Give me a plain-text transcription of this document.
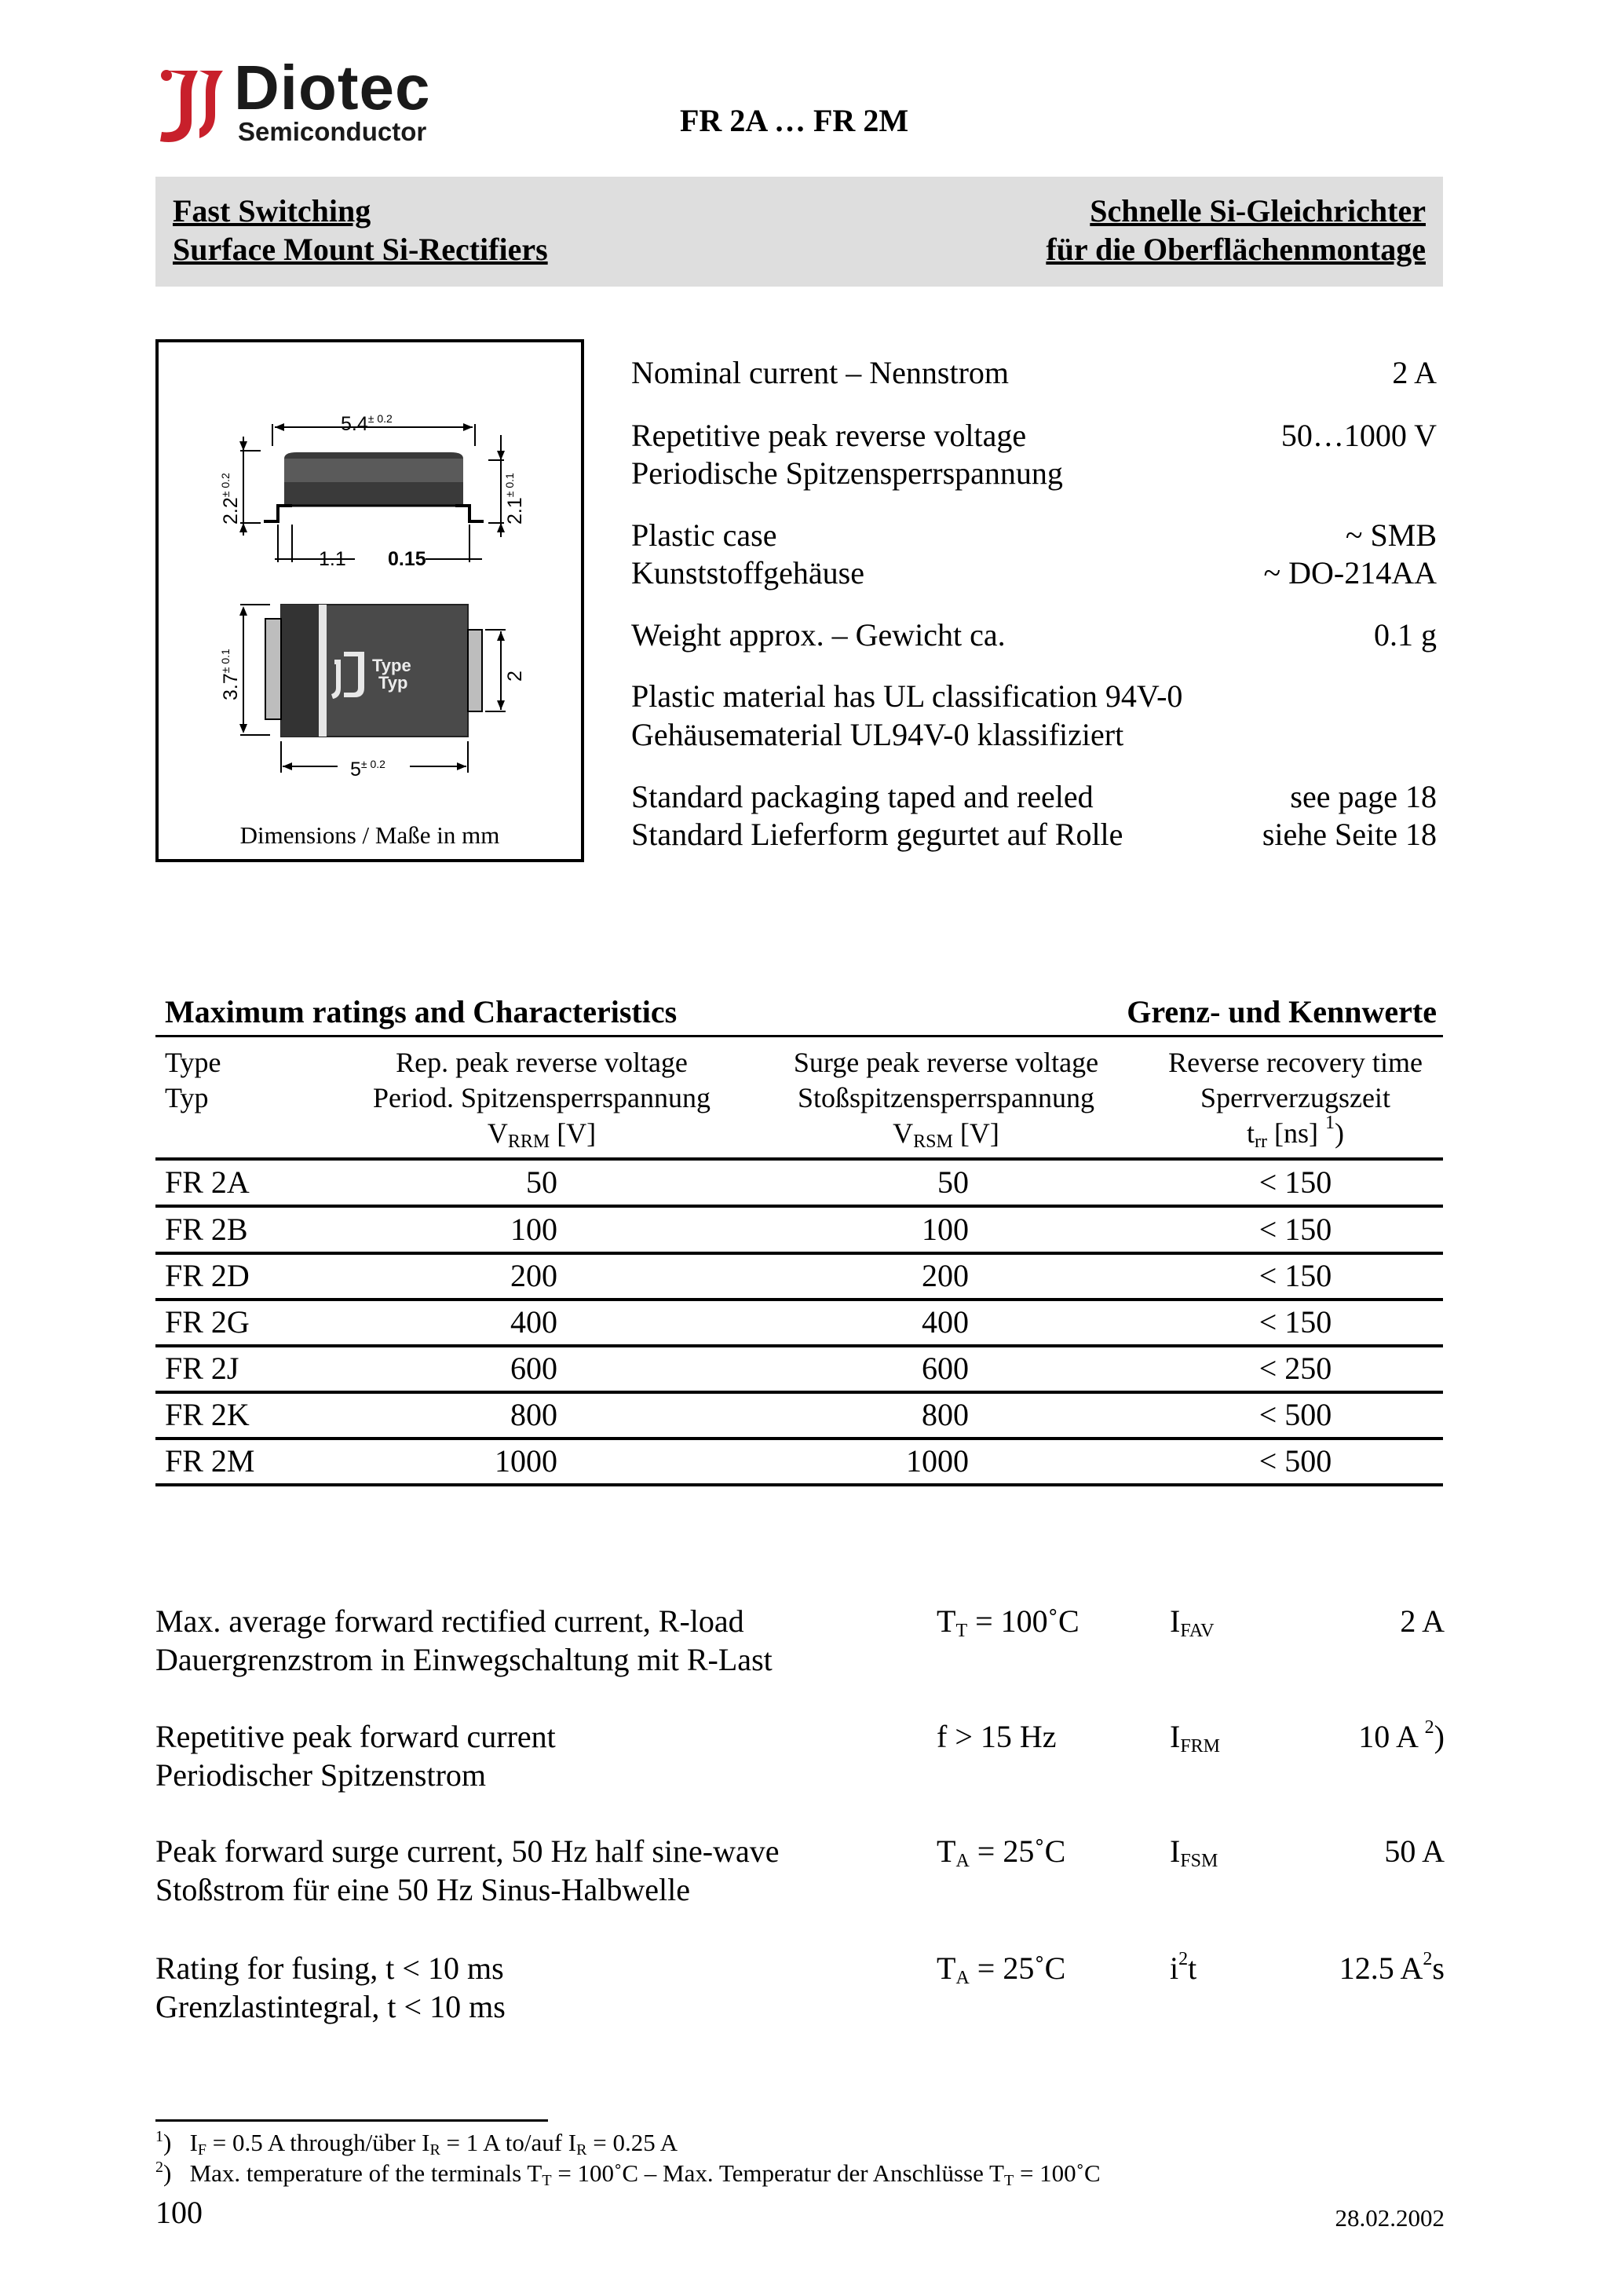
Diotec
Semiconductor	FR 2A … FR 2M
Fast Switching
Surface Mount Si-Rectifiers
Schnelle Si-Gleichrichter
für die Oberflächenmontage
$5.4^{\pm 0.2}$
$2.2^{\pm 0.2}$
$2.1^{\pm 0.1}$
1.1 0.15
Type
Typ
$3.7^{\pm 0.1}$
2
$5^{\pm 0.2}$
Dimensions / Maße in mm
Nominal current – Nennstrom	2 A
Repetitive peak reverse voltage
Periodische Spitzensperrspannung
50…1000 V
Plastic case
Kunststoffgehäuse
~ SMB
~ DO-214AA
Weight approx. – Gewicht ca.	0.1 g
Plastic material has UL classification 94V-0
Gehäusematerial UL94V-0 klassifiziert
Standard packaging taped and reeled
Standard Lieferform gegurtet auf Rolle
see page 18
siehe Seite 18
Maximum ratings and Characteristics	Grenz- und Kennwerte
Type
Typ
Rep. peak reverse voltage
Period. Spitzensperrspannung
$V_{RRM}$ [V]
Surge peak reverse voltage
Stoßspitzensperrspannung
$V_{RSM}$ [V]
Reverse recovery time
Sperrverzugszeit
$t_{rr}$ [ns] $^1$)
FR 2A	50	50	< 150
FR 2B	100	100	< 150
FR 2D	200	200	< 150
FR 2G	400	400	< 150
FR 2J	600	600	< 250
FR 2K	800	800	< 500
FR 2M	1000	1000	< 500
Max. average forward rectified current, R-load
Dauergrenzstrom in Einwegschaltung mit R-Last
$T_T$ = 100˚C	$I_{FAV}$	2 A
Repetitive peak forward current
Periodischer Spitzenstrom
f > 15 Hz	$I_{FRM}$	10 A $^2$)
Peak forward surge current, 50 Hz half sine-wave
Stoßstrom für eine 50 Hz Sinus-Halbwelle
$T_A$ = 25˚C	$I_{FSM}$	50 A
Rating for fusing, t < 10 ms
Grenzlastintegral, t < 10 ms
$T_A$ = 25˚C	$i^2t$	12.5 $A^2s$
$^1$)   $I_F = 0.5$ A through/über $I_R = 1$ A to/auf $I_R = 0.25$ A
$^2$)   Max. temperature of the terminals $T_T$ = 100˚C – Max. Temperatur der Anschlüsse $T_T$ = 100˚C
100	28.02.2002
